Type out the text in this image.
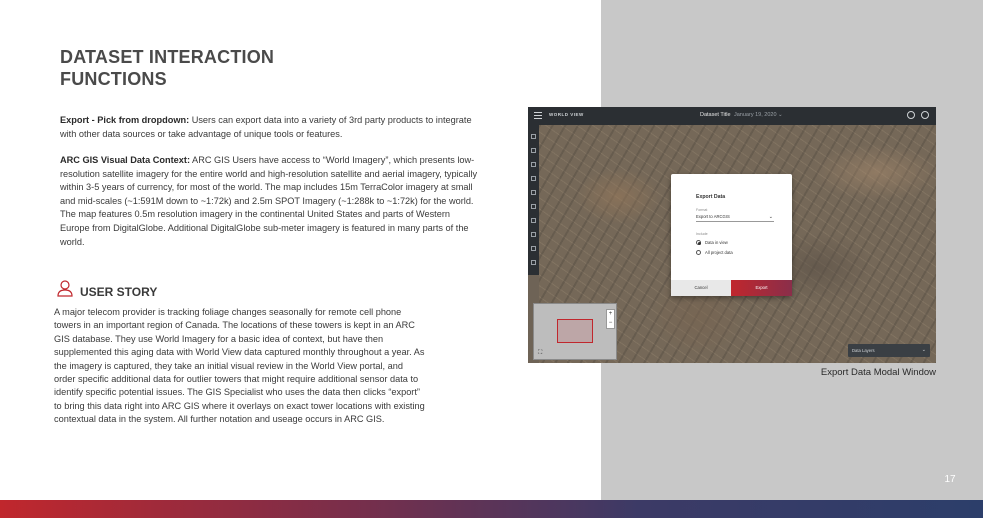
DATASET INTERACTION
FUNCTIONS

Export - Pick from dropdown: Users can export data into a variety of 3rd party products to integrate with other data sources or take advantage of unique tools or features.

ARC GIS Visual Data Context: ARC GIS Users have access to “World Imagery”, which presents low-resolution satellite imagery for the entire world and high-resolution satellite and aerial imagery, typically within 3-5 years of currency, for most of the world. The map includes 15m TerraColor imagery at small and mid-scales (~1:591M down to ~1:72k) and 2.5m SPOT Imagery (~1:288k to ~1:72k) for the world. The map features 0.5m resolution imagery in the continental United States and parts of Western Europe from DigitalGlobe. Additional DigitalGlobe sub-meter imagery is featured in many parts of the world.

USER STORY

A major telecom provider is tracking foliage changes seasonally for remote cell phone towers in an important region of Canada. The locations of these towers is kept in an ARC GIS database. They use World Imagery for a basic idea of context, but have then supplemented this aging data with World View data captured monthly throughout a year. As the imagery is captured, they take an initial visual review in the World View portal, and order specific additional data for outlier towers that might require additional sensor data to identify specific potential issues. The GIS Specialist who uses the data then clicks “export” to bring this data right into ARC GIS where it overlays on exact tower locations with existing contextual data in the system. All further notation and useage occurs in ARC GIS.

WORLD VIEW	Dataset Title January 19, 2020 ⌄
Export Data
Format
Export to ARCGIS	⌄
Include
Data in view
All project data
Cancel	Export
+
−
⛶	Data Layers	⌄
Export Data Modal Window
17
